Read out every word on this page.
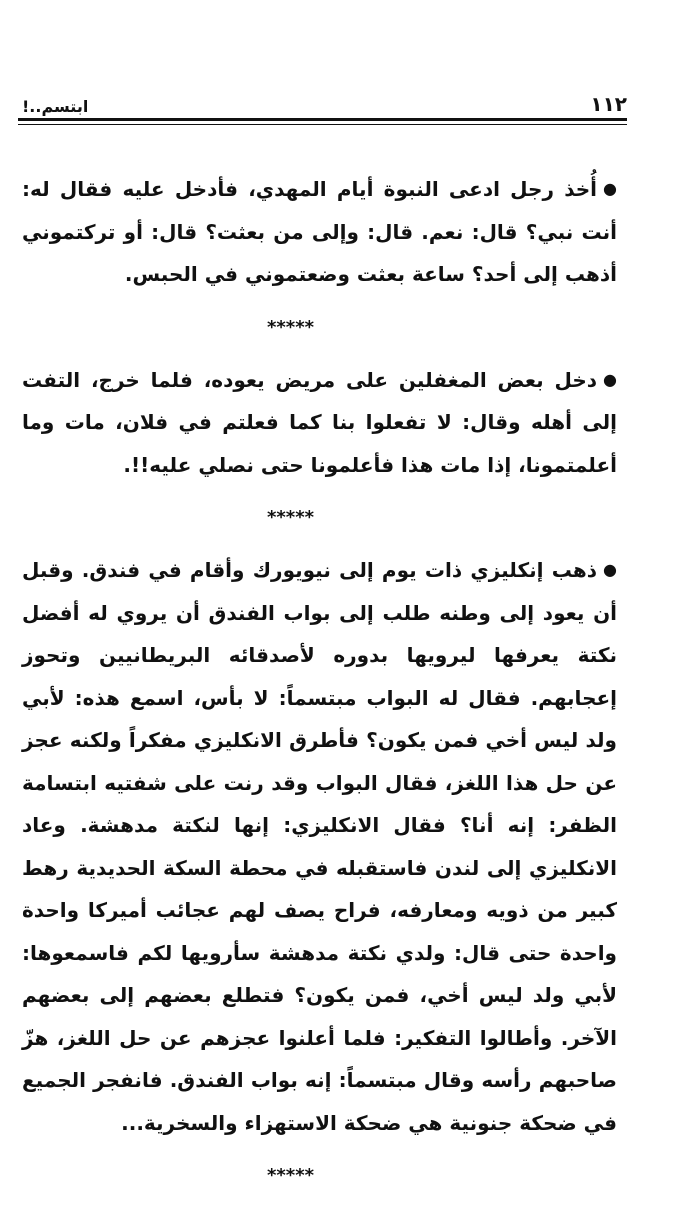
ابتسم..!	١١٢

●أُخذ رجل ادعى النبوة أيام المهدي، فأدخل عليه فقال له: أنت نبي؟ قال: نعم. قال: وإلى من بعثت؟ قال: أو تركتموني أذهب إلى أحد؟ ساعة بعثت وضعتموني في الحبس.

*****

●دخل بعض المغفلين على مريض يعوده، فلما خرج، التفت إلى أهله وقال: لا تفعلوا بنا كما فعلتم في فلان، مات وما أعلمتمونا، إذا مات هذا فأعلمونا حتى نصلي عليه!!.

*****

●ذهب إنكليزي ذات يوم إلى نيويورك وأقام في فندق. وقبل أن يعود إلى وطنه طلب إلى بواب الفندق أن يروي له أفضل نكتة يعرفها ليرويها بدوره لأصدقائه البريطانيين وتحوز إعجابهم. فقال له البواب مبتسماً: لا بأس، اسمع هذه: لأبي ولد ليس أخي فمن يكون؟ فأطرق الانكليزي مفكراً ولكنه عجز عن حل هذا اللغز، فقال البواب وقد رنت على شفتيه ابتسامة الظفر: إنه أنا؟ فقال الانكليزي: إنها لنكتة مدهشة. وعاد الانكليزي إلى لندن فاستقبله في محطة السكة الحديدية رهط كبير من ذويه ومعارفه، فراح يصف لهم عجائب أميركا واحدة واحدة حتى قال: ولدي نكتة مدهشة سأرويها لكم فاسمعوها: لأبي ولد ليس أخي، فمن يكون؟ فتطلع بعضهم إلى بعضهم الآخر. وأطالوا التفكير: فلما أعلنوا عجزهم عن حل اللغز، هزّ صاحبهم رأسه وقال مبتسماً: إنه بواب الفندق. فانفجر الجميع في ضحكة جنونية هي ضحكة الاستهزاء والسخرية...

*****
